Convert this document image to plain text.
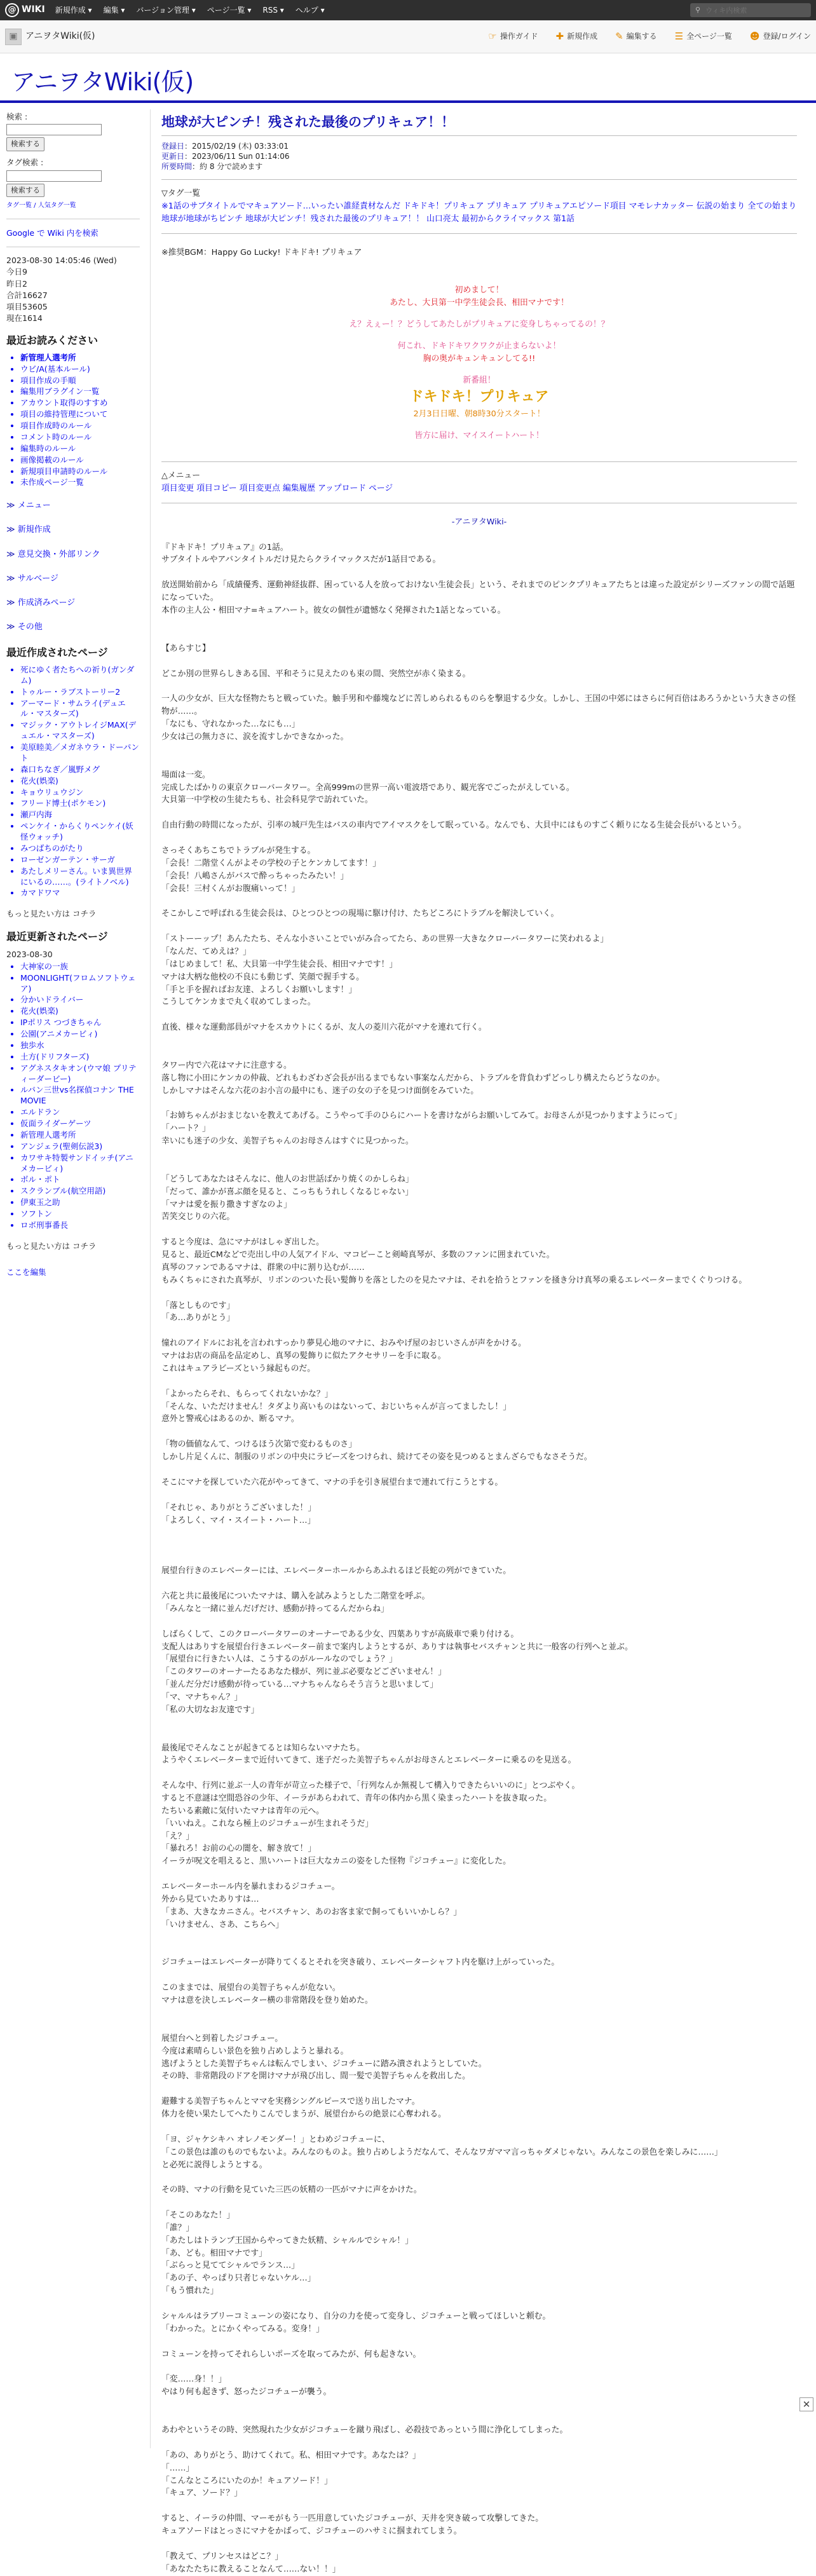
@ WIKI 新規作成 ▾ 編集 ▾ バージョン管理 ▾ ページ一覧 ▾ RSS ▾ ヘルプ ▾	⚲
ウィキ内検索
▣ アニヲタWiki(仮)	☞ 操作ガイド ✚ 新規作成 ✎ 編集する ☰ 全ページ一覧 ☻ 登録/ログイン
アニヲタWiki(仮)
検索 :
検索する
タグ検索 :
検索する
タグ一覧 / 人気タグ一覧
Google で Wiki 内を検索
2023-08-30 14:05:46 (Wed)
今日9
昨日2
合計16627
項目53605
現在1614
最近お読みください
• 新管理人選考所
• ウビ/A(基本ルール)
• 項目作成の手順
• 編集用ブラグイン一覧
• アカウント取得のすすめ
• 項目の維持管理について
• 項目作成時のルール
• コメント時のルール
• 編集時のルール
• 画像掲載のルール
• 新規項目申請時のルール
• 未作成ページ一覧
≫ メニュー
≫ 新規作成
≫ 意見交換・外部リンク
≫ サルベージ
≫ 作成済みページ
≫ その他
最近作成されたページ
• 死にゆく者たちへの祈り(ガンダム)
• トゥルー・ラブストーリー2
• アーマード・サムライ(デュエル・マスターズ)
• マジック・アウトレイジMAX(デュエル・マスターズ)
• 美原睦美／メガネウラ・ドーパント
• 森口ちなぎ／嵐野メグ
• 花火(娯楽)
• キョウリュウジン
• フリード博士(ポケモン)
• 瀬戸内海
• ペンケイ・からくりペンケイ(妖怪ウォッチ)
• みつばちのがたり
• ローゼンガーテン・サーガ
• あたしメリーさん。いま異世界にいるの……。(ライトノベル)
• カマドワマ
もっと見たい方は コチラ
最近更新されたページ
2023-08-30
• 大神家の一族
• MOONLIGHT(フロムソフトウェア)
• 分かいドライバー
• 花火(娯楽)
• IPポリス つづきちゃん
• 公園(アニメカービィ)
• 独歩水
• 土方(ドリフターズ)
• アグネスタキオン(ウマ娘 プリティーダービー)
• ルパン三世vs名探偵コナン THE MOVIE
• エルドラン
• 仮面ライダーゲーツ
• 新管理人選考所
• アンジェラ(聖剣伝説3)
• カワサキ特製サンドイッチ(アニメカービィ)
• ボル・ポト
• スクランブル(航空用語)
• 伊東玉之助
• ソフトン
• ロボ刑事番長
もっと見たい方は コチラ
ここを編集
地球が大ピンチ！残された最後のプリキュア！！
登録日：2015/02/19 (木) 03:33:01
更新日：2023/06/11 Sun 01:14:06
所要時間：約 8 分で読めます
▽タグ一覧
※1話のサブタイトルでマキュアソード…いったい誰経責材なんだ ドキドキ！プリキュア プリキュア プリキュアエピソード項目 マモレナカッター 伝説の始まり 全ての始まり 地球が地球がちピンチ 地球が大ピンチ！残された最後のプリキュア！！ 山口亮太 最初からクライマックス 第1話
※推奨BGM：Happy Go Lucky! ドキドキ! プリキュア
初めまして！
あたし、大貝第一中学生徒会長、相田マナです！
え？えぇー！？どうしてあたしがプリキュアに変身しちゃってるの！？
何これ、ドキドキワクワクが止まらないよ！
胸の奥がキュンキュンしてる!!
新番組！
ドキドキ！プリキュア
2月3日日曜、朝8時30分スタート！
皆方に届け、マイスイートハート！
△メニュー
項目変更 項目コピー 項目変更点 編集履歴 アップロード ページ
-アニヲタWiki-
『ドキドキ！プリキュア』の1話。
サブタイトルやアバンタイトルだけ見たらクライマックスだが1話目である。
放送開始前から「成績優秀、運動神経抜群、困っている人を放っておけない生徒会長」という、それまでのピンクプリキュアたちとは違った設定がシリーズファンの間で話題になっていた。
本作の主人公・相田マナ=キュアハート。彼女の個性が遺憾なく発揮された1話となっている。
【あらすじ】
どこか別の世界らしきある国、平和そうに見えたのも束の間、突然空が赤く染まる。
一人の少女が、巨大な怪物たちと戦っていた。触手男和や藤塊などに苦しめられるものらを撃退する少女。しかし、王国の中郊にはさらに何百倍はあろうかという大きさの怪物が……。
「なにも、守れなかった…なにも…」
少女は己の無力さに、涙を流すしかできなかった。
場面は一変。
完成したばかりの東京クローバータワー。全高999mの世界一高い電波塔であり、観光客でごったがえしている。
大貝第一中学校の生徒たちも、社会科見学で訪れていた。
自由行動の時間になったが、引率の城戸先生はバスの車内でアイマスクをして眠っている。なんでも、大貝中にはものすごく頼りになる生徒会長がいるという。
さっそくあちこちでトラブルが発生する。
「会長！二階堂くんがよその学校の子とケンカしてます！」
「会長！八嶋さんがバスで酔っちゃったみたい！」
「会長！三村くんがお腹痛いって！」
そこかしこで呼ばれる生徒会長は、ひとつひとつの現場に駆け付け、たちどころにトラブルを解決していく。
「ストーーップ！あんたたち、そんな小さいことでいがみ合ってたら、あの世界一大きなクローバータワーに笑われるよ」
「なんだ、てめえは？」
「はじめまして！私、大貝第一中学生徒会長、相田マナです！」
マナは大柄な他校の不良にも動じず、笑顔で握手する。
「手と手を握ればお友達、よろしくお願いします！」
こうしてケンカまで丸く収めてしまった。
直後、様々な運動部員がマナをスカウトにくるが、友人の菱川六花がマナを連れて行く。
タワー内で六花はマナに注意する。
落し物に小田にケンカの仲裁、どれもわざわざ会長が出るまでもない事案なんだから、トラブルを背負わずどっしり構えたらどうなのか。
しかしマナはそんな六花のお小言の最中にも、迷子の女の子を見つけ面倒をみていた。
「お姉ちゃんがおまじないを教えてあげる。こうやって手のひらにハートを書けながらお願いしてみて。お母さんが見つかりますようにって」
「ハート？」
幸いにも迷子の少女、美智子ちゃんのお母さんはすぐに見つかった。
「どうしてあなたはそんなに、他人のお世話ばかり焼くのかしらね」
「だって、誰かが喜ぶ顔を見ると、こっちもうれしくなるじゃない」
「マナは愛を振り撒きすぎなのよ」
苦笑交じりの六花。
すると今度は、急にマナがはしゃぎ出した。
見ると、最近CMなどで売出し中の人気アイドル、マコピーこと剣崎真琴が、多数のファンに囲まれていた。
真琴のファンであるマナは、群衆の中に割り込むが……
もみくちゃにされた真琴が、リボンのついた長い髪飾りを落としたのを見たマナは、それを拾うとファンを掻き分け真琴の乗るエレベーターまでくぐりつける。
「落としものです」
「あ…ありがとう」
憧れのアイドルにお礼を言われすっかり夢見心地のマナに、おみやげ屋のおじいさんが声をかける。
マナはお店の商品を品定めし、真琴の髪飾りに似たアクセサリーを手に取る。
これはキュアラビーズという縁起ものだ。
「よかったらそれ、もらってくれないかな？」
「そんな、いただけません！タダより高いものはないって、おじいちゃんが言ってましたし！」
意外と警戒心はあるのか、断るマナ。
「物の価値なんて、つけるほう次第で変わるものさ」
しかし片足くんに、制服のリボンの中央にラビーズをつけられ、続けてその姿を見つめるとまんざらでもなさそうだ。
そこにマナを探していた六花がやってきて、マナの手を引き展望台まで連れて行こうとする。
「それじゃ、ありがとうございました！」
「よろしく、マイ・スイート・ハート…」
展望台行きのエレベーターには、エレベーターホールからあふれるほど長蛇の列ができていた。
六花と共に最後尾についたマナは、購入を試みようとした二階堂を呼ぶ。
「みんなと一緒に並んだげだけ、感動が持ってるんだからね」
しばらくして、このクローバータワーのオーナーである少女、四葉ありすが高級車で乗り付ける。
支配人はありすを展望台行きエレベーター前まで案内しようとするが、ありすは執事セバスチャンと共に一般客の行列へと並ぶ。
「展望台に行きたい人は、こうするのがルールなのでしょう？」
「このタワーのオーナーたるあなた様が、列に並ぶ必要などございません！」
「並んだ分だけ感動が待っている…マナちゃんならそう言うと思いまして」
「マ、マナちゃん？」
「私の大切なお友達です」
最後尾でそんなことが起きてるとは知らないマナたち。
ようやくエレベーターまで近付いてきて、迷子だった美智子ちゃんがお母さんとエレベーターに乗るのを見送る。
そんな中、行列に並ぶ一人の青年が苛立った様子で、「行列なんか無視して構入りできたらいいのに」とつぶやく。
すると不意謎は空間恐谷の少年、イーラがあらわれて、青年の体内から黒く染まったハートを抜き取った。
たちいる素敵に気付いたマナは青年の元へ。
「いいねえ。これなら極上のジコチューが生まれそうだ」
「え？」
「暴れろ！お前の心の闇を、解き放て！」
イーラが呪文を唱えると、黒いハートは巨大なカニの姿をした怪物『ジコチュー』に変化した。
エレベーターホール内を暴れまわるジコチュー。
外から見ていたありすは…
「まあ、大きなカニさん。セバスチャン、あのお客ま家で飼ってもいいかしら？」
「いけません、さあ、こちらへ」
ジコチューはエレベーターが降りてくるとそれを突き破り、エレベーターシャフト内を駆け上がっていった。
このままでは、展望台の美智子ちゃんが危ない。
マナは意を決しエレベーター横の非常階段を登り始めた。
展望台へと到着したジコチュー。
今度は素晴らしい景色を独り占めしようと暴れる。
逃げようとした美智子ちゃんは転んでしまい、ジコチューに踏み潰されようとしていた。
その時、非常階段のドアを開けマナが飛び出し、間一髪で美智子ちゃんを救出した。
避難する美智子ちゃんとママを実務シングルピースで送り出したマナ。
体力を使い果たしてへたりこんでしまうが、展望台からの絶景に心奪われる。
「ヨ、ジャケシキハ オレノモンダー！」とわめジコチューに、
「この景色は誰のものでもないよ。みんなのものよ。独り占めしようだなんて、そんなワガママ言っちゃダメじゃない。みんなこの景色を楽しみに……」
と必死に説得しようとする。
その時、マナの行動を見ていた三匹の妖精の一匹がマナに声をかけた。
「そこのあなた！」
「誰？」
「あたしはトランプ王国からやってきた妖精、シャルルでシャル！」
「あ、ども。相田マナです」
「ぶらっと見ててシャルでランス…」
「あの子、やっぱり只者じゃないケル…」
「もう慣れた」
シャルルはラブリーコミューンの姿になり、自分の力を使って変身し、ジコチューと戦ってほしいと頼む。
「わかった。とにかくやってみる。変身！」
コミューンを持ってそれらしいポーズを取ってみたが、何も起きない。
「変……身！！」
やはり何も起きず、怒ったジコチューが襲う。
あわやというその時、突然現れた少女がジコチューを蹴り飛ばし、必殺技であっという間に浄化してしまった。
「あの、ありがとう、助けてくれて。私、相田マナです。あなたは？」
「……」
「こんなところにいたのか！キュアソード！」
「キュア、ソード？」
すると、イーラの仲間、マーモがもう一匹用意していたジコチューが、天井を突き破って攻撃してきた。
キュアソードはとっさにマナをかばって、ジコチューのハサミに掴まれてしまう。
「教えて、プリンセスはどこ？」
「あなたたちに教えることなんて……ない！！」
✕
